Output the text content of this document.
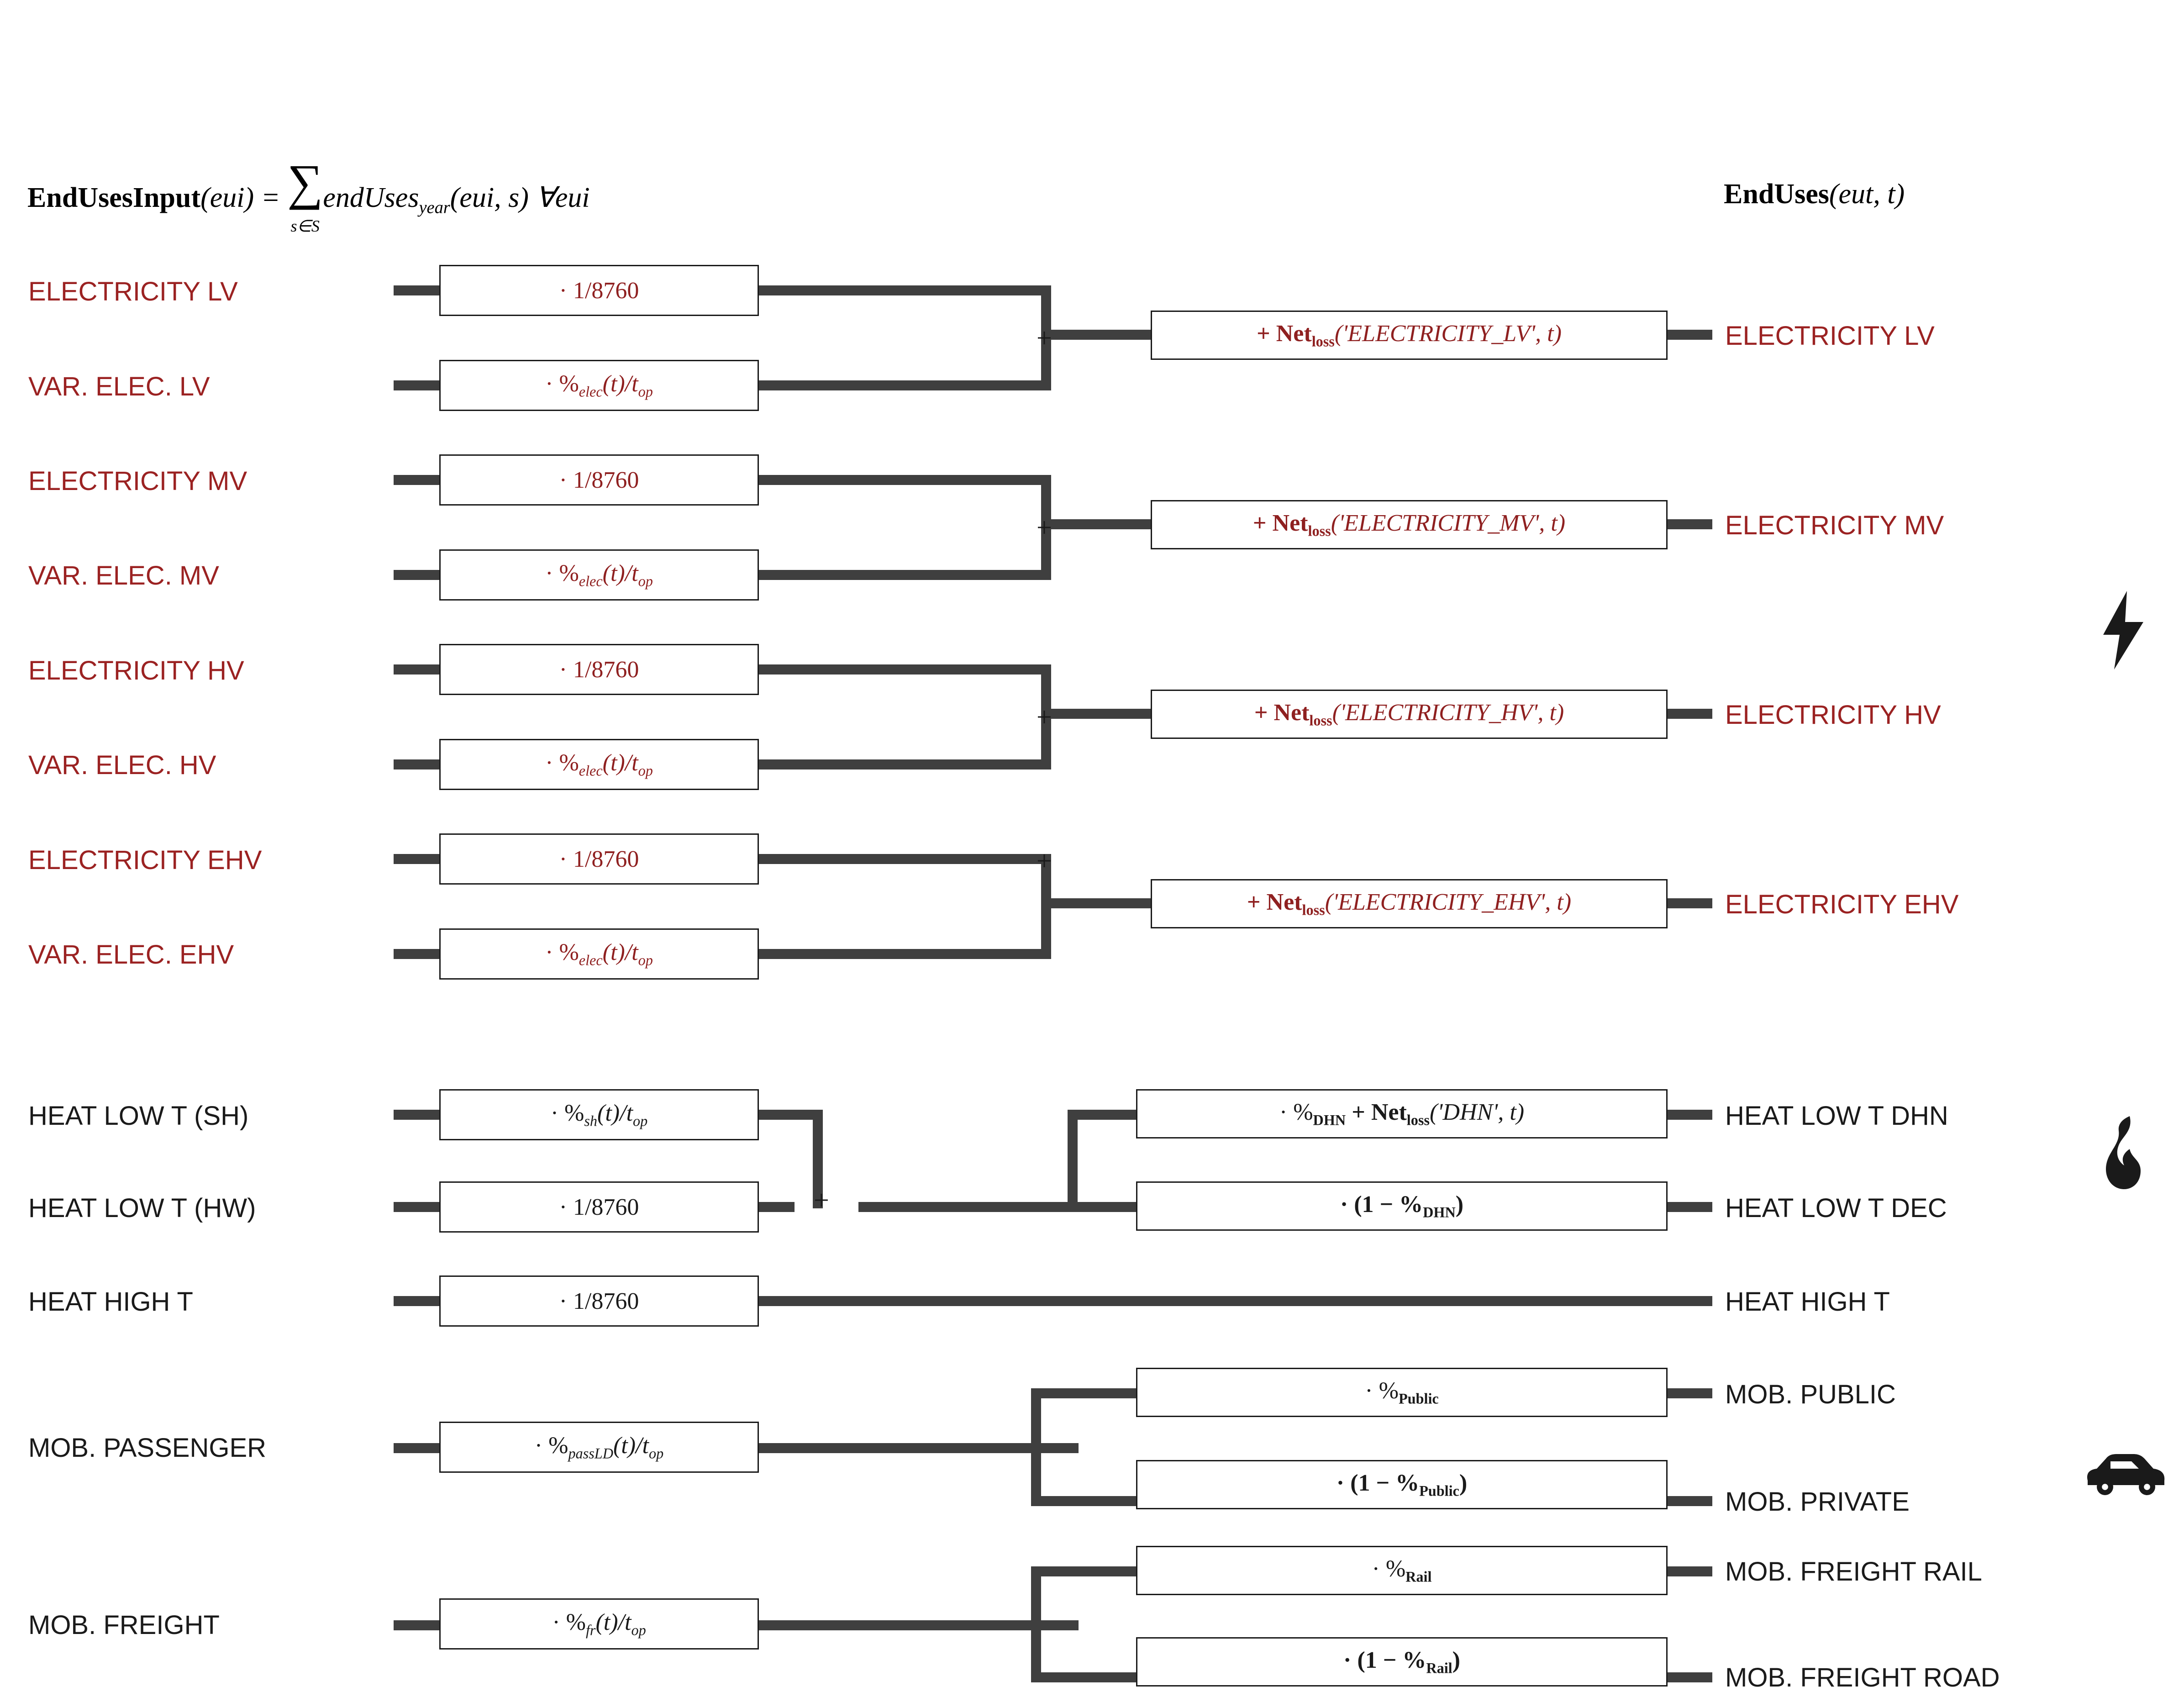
EndUsesInput(eui) = ∑
s∈SendUses$_{year}$(eui, s) ∀eui	EndUses(eut, t)
ELECTRICITY LV
VAR. ELEC. LV
ELECTRICITY MV
VAR. ELEC. MV
ELECTRICITY HV
VAR. ELEC. HV
ELECTRICITY EHV
VAR. ELEC. EHV
· 1/8760
· $\%_{elec}(t)/t_{op}$
· 1/8760
· $\%_{elec}(t)/t_{op}$
· 1/8760
· $\%_{elec}(t)/t_{op}$
· 1/8760
· $\%_{elec}(t)/t_{op}$
+
+
+
+
+ Net$_{loss}$('ELECTRICITY_LV', t)
+ Net$_{loss}$('ELECTRICITY_MV', t)
+ Net$_{loss}$('ELECTRICITY_HV', t)
+ Net$_{loss}$('ELECTRICITY_EHV', t)
ELECTRICITY LV
ELECTRICITY MV
ELECTRICITY HV
ELECTRICITY EHV
HEAT LOW T (SH)
HEAT LOW T (HW)
HEAT HIGH T
· $\%_{sh}(t)/t_{op}$
· 1/8760
· 1/8760
+
· $\%_{DHN} + Net_{loss}('DHN'$, t)
· $(1 - \%_{DHN})$
HEAT LOW T DHN
HEAT LOW T DEC
HEAT HIGH T
MOB. PASSENGER	· $\%_{passLD}(t)/t_{op}$
· $\%_{Public}$
· $(1 - \%_{Public})$
MOB. PUBLIC
MOB. PRIVATE
MOB. FREIGHT	· $\%_{fr}(t)/t_{op}$
· $\%_{Rail}$
· $(1 - \%_{Rail})$
MOB. FREIGHT RAIL
MOB. FREIGHT ROAD
